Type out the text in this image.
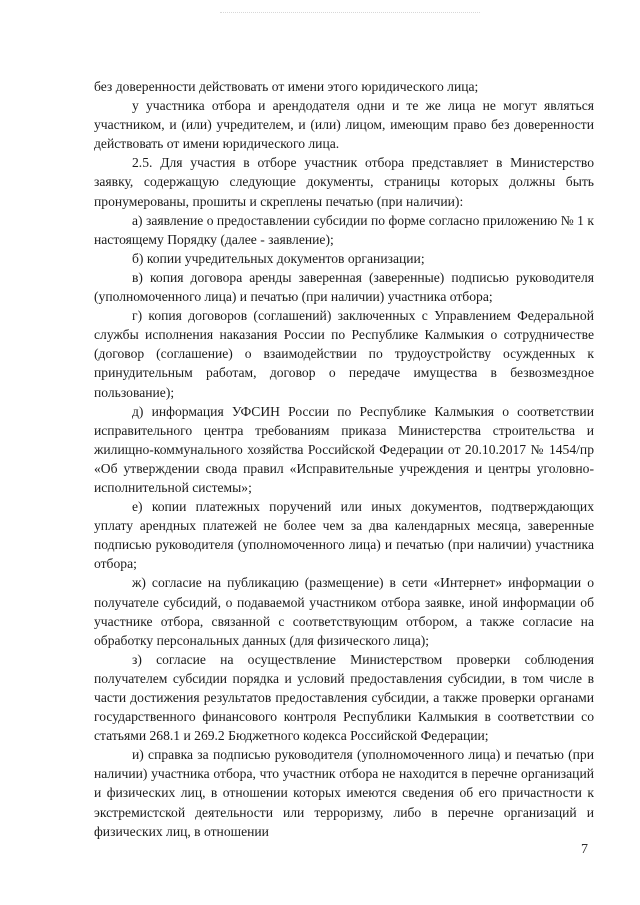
без доверенности действовать от имени этого юридического лица;

у участника отбора и арендодателя одни и те же лица не могут являться участником, и (или) учредителем, и (или) лицом, имеющим право без доверенности действовать от имени юридического лица.

2.5. Для участия в отборе участник отбора представляет в Министерство заявку, содержащую следующие документы, страницы которых должны быть пронумерованы, прошиты и скреплены печатью (при наличии):

а) заявление о предоставлении субсидии по форме согласно приложению № 1 к настоящему Порядку (далее - заявление);

б) копии учредительных документов организации;

в) копия договора аренды заверенная (заверенные) подписью руководителя (уполномоченного лица) и печатью (при наличии) участника отбора;

г) копия договоров (соглашений) заключенных с Управлением Федеральной службы исполнения наказания России по Республике Калмыкия о сотрудничестве (договор (соглашение) о взаимодействии по трудоустройству осужденных к принудительным работам, договор о передаче имущества в безвозмездное пользование);

д) информация УФСИН России по Республике Калмыкия о соответствии исправительного центра требованиям приказа Министерства строительства и жилищно-коммунального хозяйства Российской Федерации от 20.10.2017 № 1454/пр «Об утверждении свода правил «Исправительные учреждения и центры уголовно-исполнительной системы»;

е) копии платежных поручений или иных документов, подтверждающих уплату арендных платежей не более чем за два календарных месяца, заверенные подписью руководителя (уполномоченного лица) и печатью (при наличии) участника отбора;

ж) согласие на публикацию (размещение) в сети «Интернет» информации о получателе субсидий, о подаваемой участником отбора заявке, иной информации об участнике отбора, связанной с соответствующим отбором, а также согласие на обработку персональных данных (для физического лица);

з) согласие на осуществление Министерством проверки соблюдения получателем субсидии порядка и условий предоставления субсидии, в том числе в части достижения результатов предоставления субсидии, а также проверки органами государственного финансового контроля Республики Калмыкия в соответствии со статьями 268.1 и 269.2 Бюджетного кодекса Российской Федерации;

и) справка за подписью руководителя (уполномоченного лица) и печатью (при наличии) участника отбора, что участник отбора не находится в перечне организаций и физических лиц, в отношении которых имеются сведения об его причастности к экстремистской деятельности или терроризму, либо в перечне организаций и физических лиц, в отношении

7
